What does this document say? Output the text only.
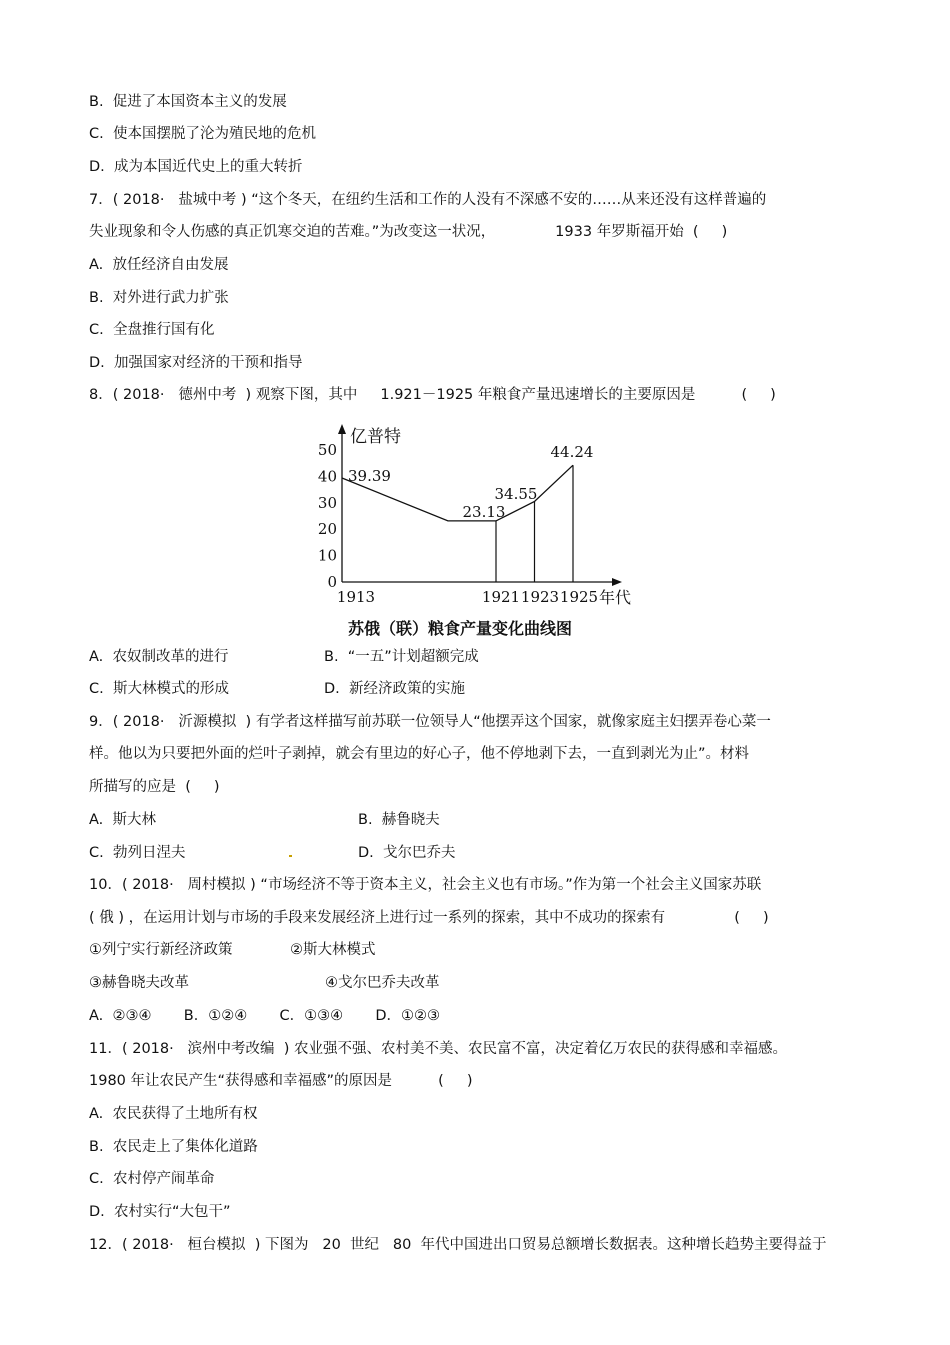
B.  促进了本国资本主义的发展
C.  使本国摆脱了沦为殖民地的危机
D.  成为本国近代史上的重大转折
7．( 2018·   盐城中考 ) “这个冬天，在纽约生活和工作的人没有不深感不安的……从来还没有这样普遍的
失业现象和令人伤感的真正饥寒交迫的苦难。”为改变这一状况，             1933 年罗斯福开始  (     )
A.  放任经济自由发展
B.  对外进行武力扩张
C.  全盘推行国有化
D.  加强国家对经济的干预和指导
8．( 2018·   德州中考  ) 观察下图，其中     1.921－1925 年粮食产量迅速增长的主要原因是          (     )
0
10
20
30
40
50
1913	1921 1923 1925
39.39
23.13
34.55
44.24
亿普特
年代
苏俄（联）粮食产量变化曲线图
A.  农奴制改革的进行	B.  “一五”计划超额完成
C.  斯大林模式的形成	D.  新经济政策的实施
9．( 2018·   沂源模拟  ) 有学者这样描写前苏联一位领导人“他摆弄这个国家，就像家庭主妇摆弄卷心菜一
样。他以为只要把外面的烂叶子剥掉，就会有里边的好心子，他不停地剥下去，一直到剥光为止”。材料
所描写的应是  (     )
A.  斯大林	B.  赫鲁晓夫
C.  勃列日涅夫	D.  戈尔巴乔夫
10．( 2018·   周村模拟 ) “市场经济不等于资本主义，社会主义也有市场。”作为第一个社会主义国家苏联
( 俄 ) ，在运用计划与市场的手段来发展经济上进行过一系列的探索，其中不成功的探索有               (     )
①列宁实行新经济政策	②斯大林模式
③赫鲁晓夫改革	④戈尔巴乔夫改革
A.  ②③④       B．①②④       C．①③④       D．①②③
11．( 2018·   滨州中考改编  ) 农业强不强、农村美不美、农民富不富，决定着亿万农民的获得感和幸福感。
1980 年让农民产生“获得感和幸福感”的原因是          (     )
A.  农民获得了土地所有权
B.  农民走上了集体化道路
C.  农村停产闹革命
D.  农村实行“大包干”
12．( 2018·   桓台模拟  ) 下图为   20  世纪   80  年代中国进出口贸易总额增长数据表。这种增长趋势主要得益于
